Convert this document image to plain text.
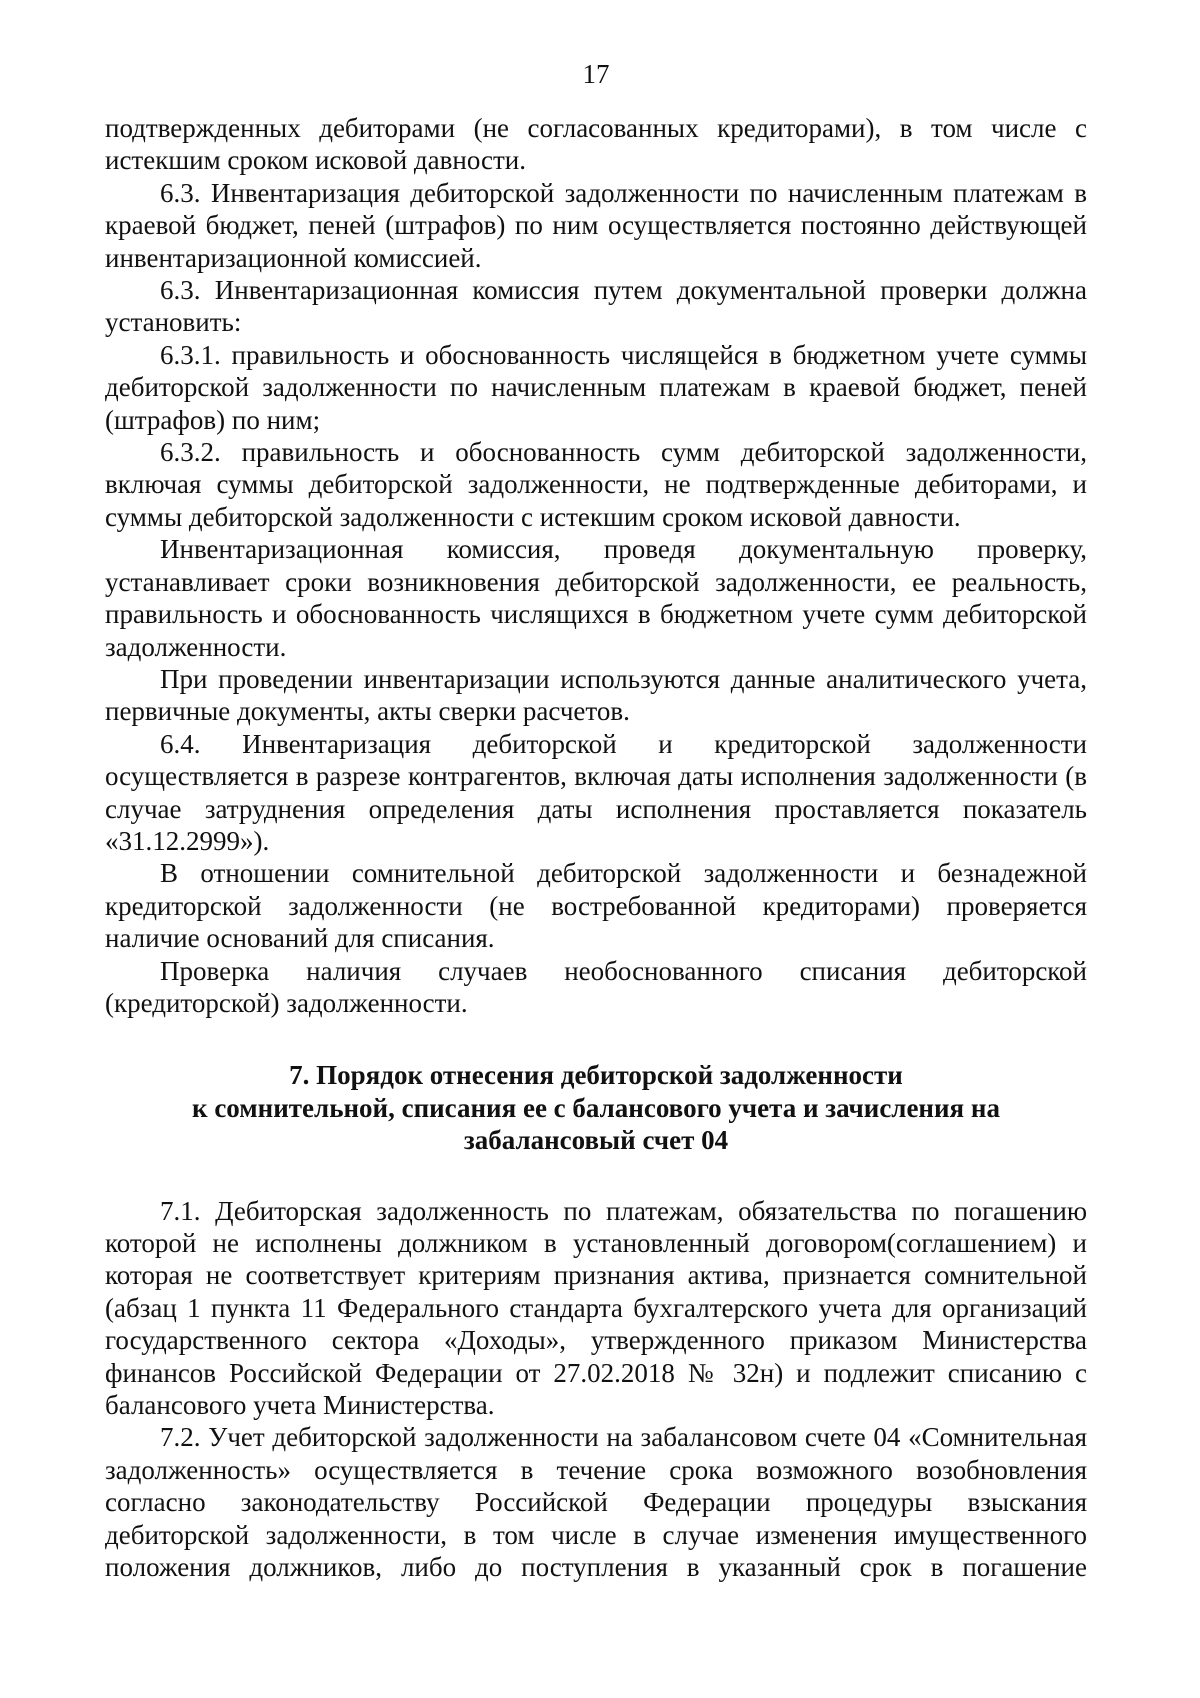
17

подтвержденных дебиторами (не согласованных кредиторами), в том числе с истекшим сроком исковой давности.

6.3. Инвентаризация дебиторской задолженности по начисленным платежам в краевой бюджет, пеней (штрафов) по ним осуществляется постоянно действующей инвентаризационной комиссией.

6.3. Инвентаризационная комиссия путем документальной проверки должна установить:

6.3.1. правильность и обоснованность числящейся в бюджетном учете суммы дебиторской задолженности по начисленным платежам в краевой бюджет, пеней (штрафов) по ним;

6.3.2. правильность и обоснованность сумм дебиторской задолженности, включая суммы дебиторской задолженности, не подтвержденные дебиторами, и суммы дебиторской задолженности с истекшим сроком исковой давности.

Инвентаризационная комиссия, проведя документальную проверку, устанавливает сроки возникновения дебиторской задолженности, ее реальность, правильность и обоснованность числящихся в бюджетном учете сумм дебиторской задолженности.

При проведении инвентаризации используются данные аналитического учета, первичные документы, акты сверки расчетов.

6.4. Инвентаризация дебиторской и кредиторской задолженности осуществляется в разрезе контрагентов, включая даты исполнения задолженности (в случае затруднения определения даты исполнения проставляется показатель «31.12.2999»).

В отношении сомнительной дебиторской задолженности и безнадежной кредиторской задолженности (не востребованной кредиторами) проверяется наличие оснований для списания.

Проверка наличия случаев необоснованного списания дебиторской (кредиторской) задолженности.

7. Порядок отнесения дебиторской задолженности
к сомнительной, списания ее с балансового учета и зачисления на
забалансовый счет 04

7.1. Дебиторская задолженность по платежам, обязательства по погашению которой не исполнены должником в установленный договором(соглашением) и которая не соответствует критериям признания актива, признается сомнительной (абзац 1 пункта 11 Федерального стандарта бухгалтерского учета для организаций государственного сектора «Доходы», утвержденного приказом Министерства финансов Российской Федерации от 27.02.2018 № 32н) и подлежит списанию с балансового учета Министерства.

7.2. Учет дебиторской задолженности на забалансовом счете 04 «Сомнительная задолженность» осуществляется в течение срока возможного возобновления согласно законодательству Российской Федерации процедуры взыскания дебиторской задолженности, в том числе в случае изменения имущественного положения должников, либо до поступления в указанный срок в погашение
